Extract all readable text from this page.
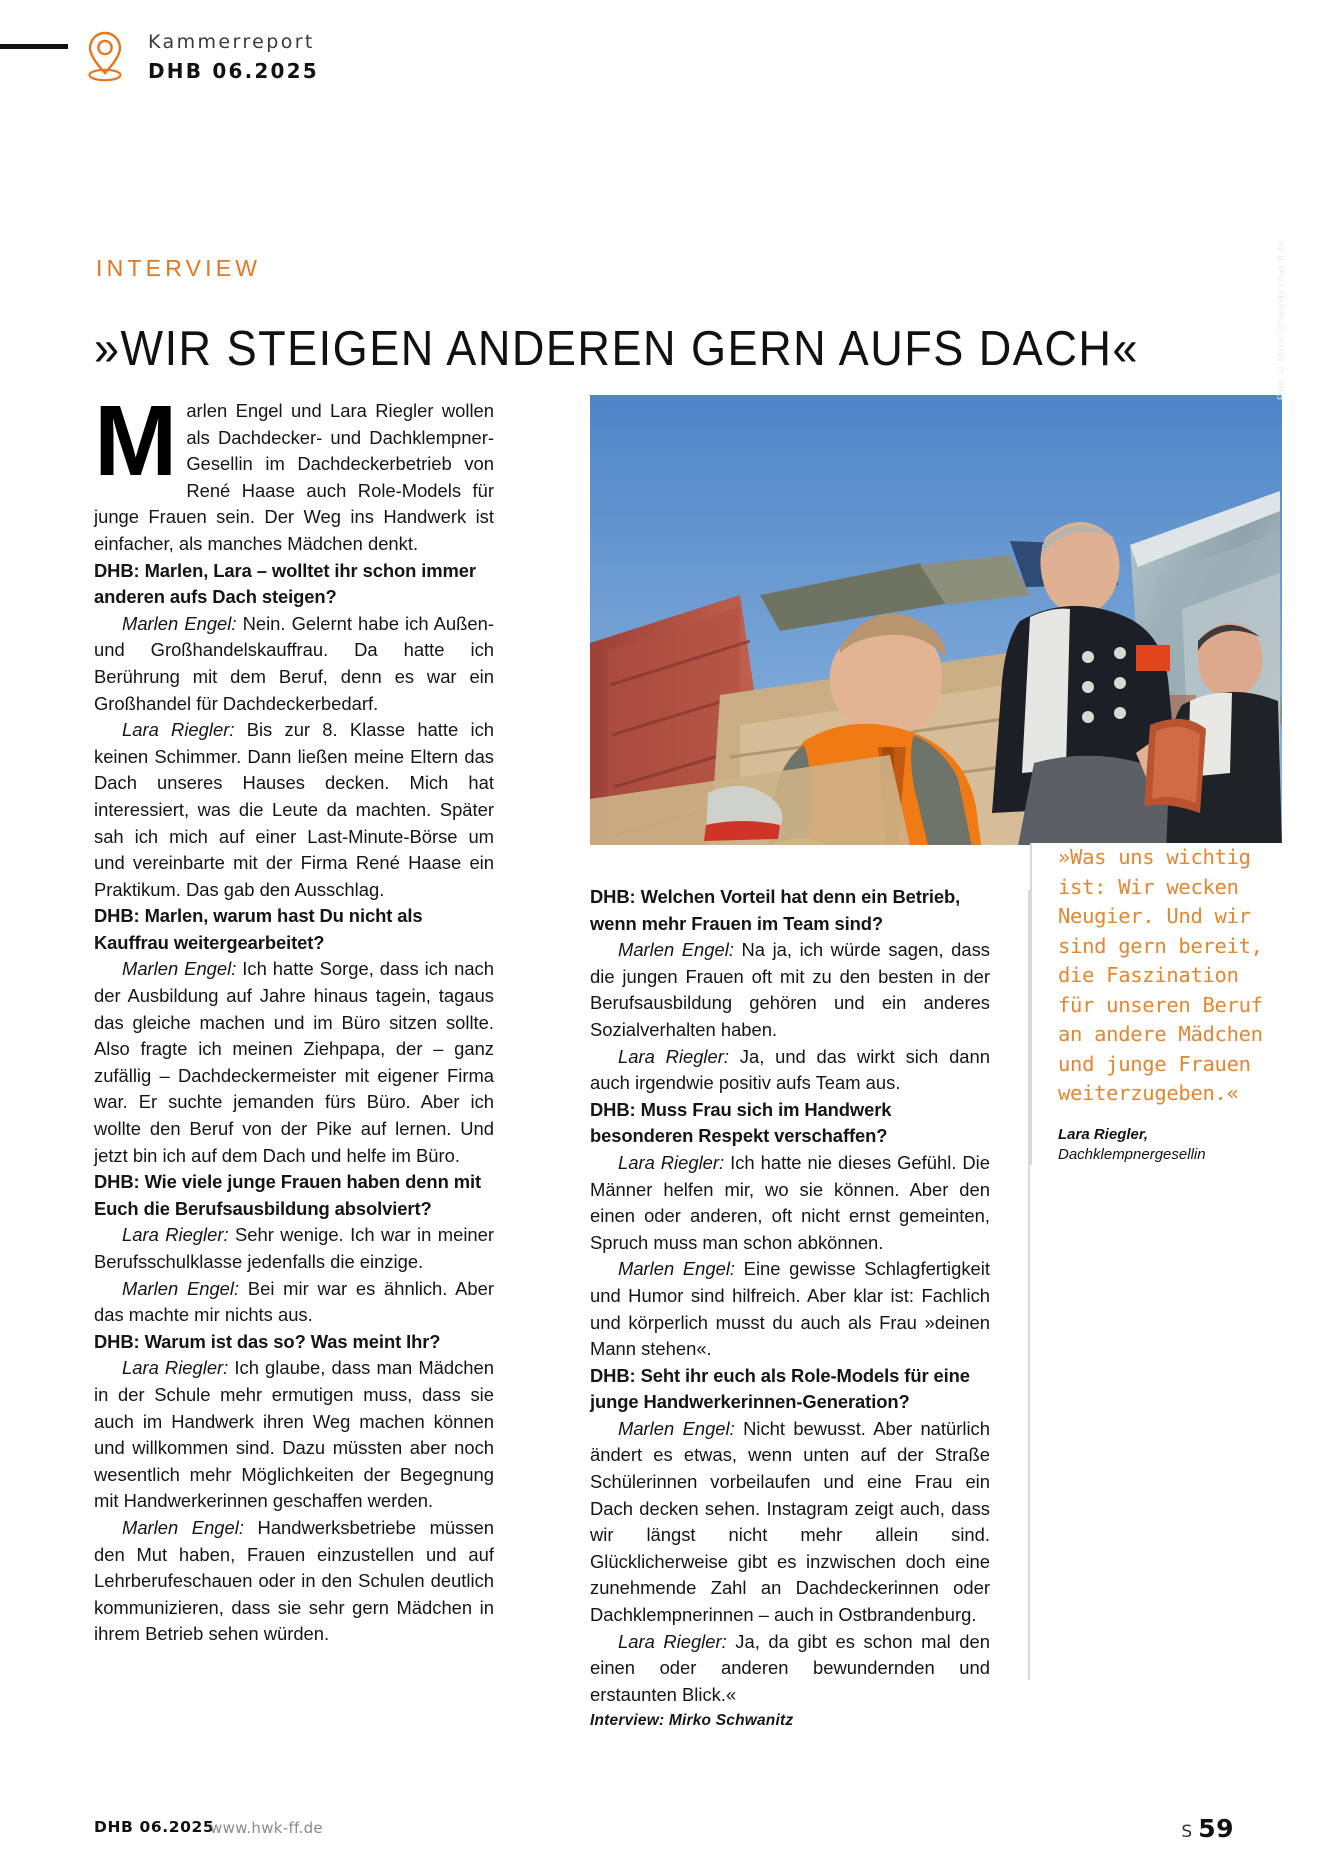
Kammerreport
DHB 06.2025
INTERVIEW
»WIR STEIGEN ANDEREN GERN AUFS DACH«	Foto: © Mirko Schwanitz / hwk-ff.de

Marlen Engel und Lara Riegler wollen als Dachdecker- und Dachklempner-Gesellin im Dachdeckerbetrieb von René Haase auch Role-Models für junge Frauen sein. Der Weg ins Handwerk ist einfacher, als manches Mädchen denkt.

DHB: Marlen, Lara – wolltet ihr schon immer anderen aufs Dach steigen?

Marlen Engel: Nein. Gelernt habe ich Außen- und Großhandelskauffrau. Da hatte ich Berührung mit dem Beruf, denn es war ein Großhandel für Dachdeckerbedarf.

Lara Riegler: Bis zur 8. Klasse hatte ich keinen Schimmer. Dann ließen meine Eltern das Dach unseres Hauses decken. Mich hat interessiert, was die Leute da machten. Später sah ich mich auf einer Last-Minute-Börse um und vereinbarte mit der Firma René Haase ein Praktikum. Das gab den Ausschlag.

DHB: Marlen, warum hast Du nicht als Kauffrau weitergearbeitet?

Marlen Engel: Ich hatte Sorge, dass ich nach der Ausbildung auf Jahre hinaus tagein, tagaus das gleiche machen und im Büro sitzen sollte. Also fragte ich meinen Ziehpapa, der – ganz zufällig – Dachdeckermeister mit eigener Firma war. Er suchte jemanden fürs Büro. Aber ich wollte den Beruf von der Pike auf lernen. Und jetzt bin ich auf dem Dach und helfe im Büro.

DHB: Wie viele junge Frauen haben denn mit Euch die Berufsausbildung absolviert?

Lara Riegler: Sehr wenige. Ich war in meiner Berufsschulklasse jedenfalls die einzige.

Marlen Engel: Bei mir war es ähnlich. Aber das machte mir nichts aus.

DHB: Warum ist das so? Was meint Ihr?

Lara Riegler: Ich glaube, dass man Mädchen in der Schule mehr ermutigen muss, dass sie auch im Handwerk ihren Weg machen können und willkommen sind. Dazu müssten aber noch wesentlich mehr Möglichkeiten der Begegnung mit Handwerkerinnen geschaffen werden.

Marlen Engel: Handwerksbetriebe müssen den Mut haben, Frauen einzustellen und auf Lehrberufeschauen oder in den Schulen deutlich kommunizieren, dass sie sehr gern Mädchen in ihrem Betrieb sehen würden.

DHB: Welchen Vorteil hat denn ein Betrieb, wenn mehr Frauen im Team sind?

Marlen Engel: Na ja, ich würde sagen, dass die jungen Frauen oft mit zu den besten in der Berufsausbildung gehören und ein anderes Sozialverhalten haben.

Lara Riegler: Ja, und das wirkt sich dann auch irgendwie positiv aufs Team aus.

DHB: Muss Frau sich im Handwerk besonderen Respekt verschaffen?

Lara Riegler: Ich hatte nie dieses Gefühl. Die Männer helfen mir, wo sie können. Aber den einen oder anderen, oft nicht ernst gemeinten, Spruch muss man schon abkönnen.

Marlen Engel: Eine gewisse Schlagfertigkeit und Humor sind hilfreich. Aber klar ist: Fachlich und körperlich musst du auch als Frau »deinen Mann stehen«.

DHB: Seht ihr euch als Role-Models für eine junge Handwerkerinnen-Generation?

Marlen Engel: Nicht bewusst. Aber natürlich ändert es etwas, wenn unten auf der Straße Schülerinnen vorbeilaufen und eine Frau ein Dach decken sehen. Instagram zeigt auch, dass wir längst nicht mehr allein sind. Glücklicherweise gibt es inzwischen doch eine zunehmende Zahl an Dachdeckerinnen oder Dachklempnerinnen – auch in Ostbrandenburg.

Lara Riegler: Ja, da gibt es schon mal den einen oder anderen bewundernden und erstaunten Blick.«

Interview: Mirko Schwanitz

»Was uns wichtig ist: Wir wecken Neugier. Und wir sind gern bereit, die Faszination für unseren Beruf an andere Mädchen und junge Frauen weiterzugeben.«
Lara Riegler,
Dachklempnergesellin
DHB 06.2025
www.hwk-ff.de	S 59
